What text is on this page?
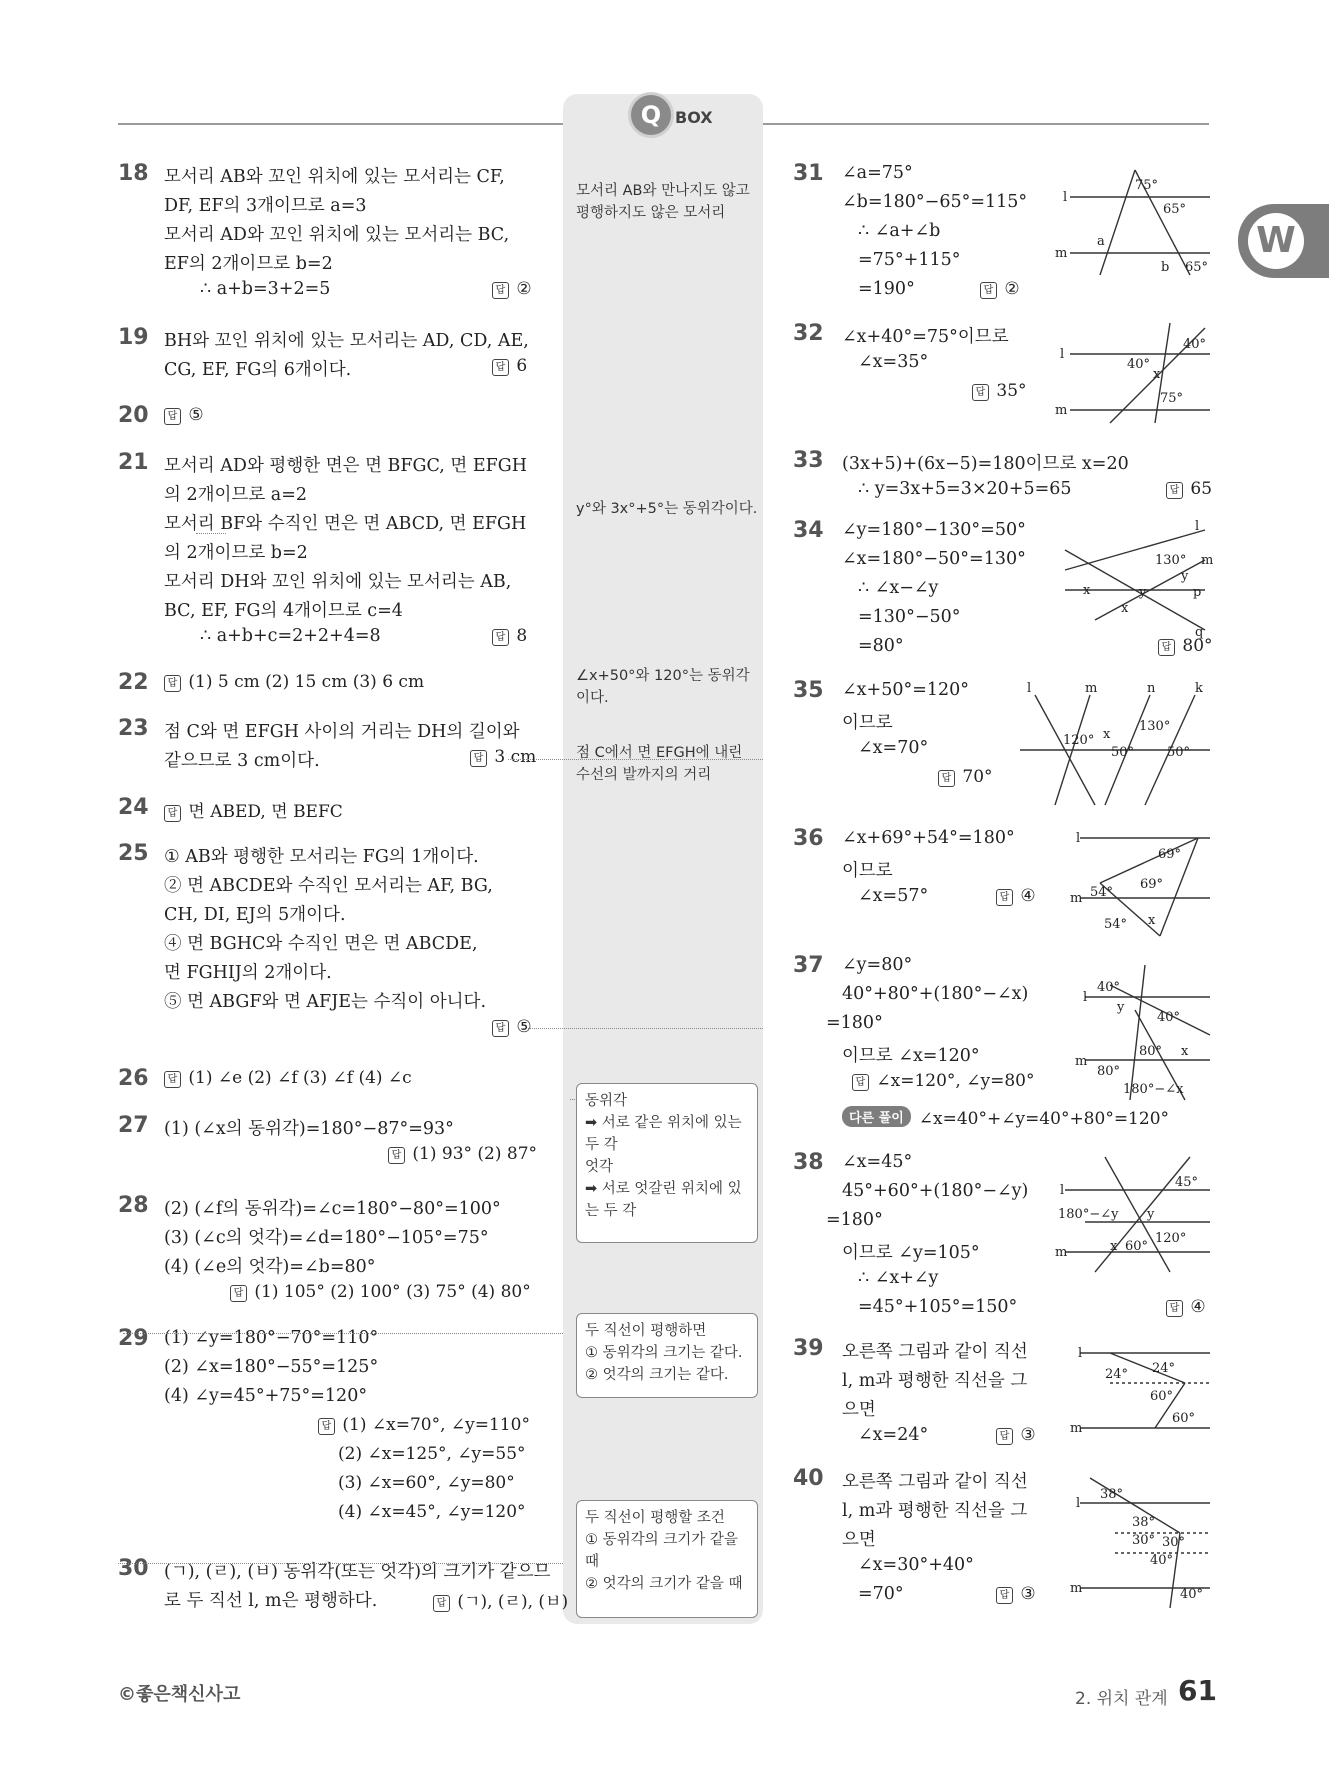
Q BOX
W
18 모서리 AB와 꼬인 위치에 있는 모서리는 CF,
DF, EF의 3개이므로 a=3
모서리 AD와 꼬인 위치에 있는 모서리는 BC,
EF의 2개이므로 b=2
∴ a+b=3+2=5	답 ②
19 BH와 꼬인 위치에 있는 모서리는 AD, CD, AE,
CG, EF, FG의 6개이다.	답 6
20	답 ⑤
21 모서리 AD와 평행한 면은 면 BFGC, 면 EFGH
의 2개이므로 a=2
모서리 BF와 수직인 면은 면 ABCD, 면 EFGH
의 2개이므로 b=2
모서리 DH와 꼬인 위치에 있는 모서리는 AB,
BC, EF, FG의 4개이므로 c=4
∴ a+b+c=2+2+4=8	답 8
22	답 (1) 5 cm (2) 15 cm (3) 6 cm
23 점 C와 면 EFGH 사이의 거리는 DH의 길이와
같으므로 3 cm이다.	답 3 cm
24	답 면 ABED, 면 BEFC
25 ① AB와 평행한 모서리는 FG의 1개이다.
② 면 ABCDE와 수직인 모서리는 AF, BG,
CH, DI, EJ의 5개이다.
④ 면 BGHC와 수직인 면은 면 ABCDE,
면 FGHIJ의 2개이다.
⑤ 면 ABGF와 면 AFJE는 수직이 아니다.
답 ⑤
26	답 (1) ∠e (2) ∠f (3) ∠f (4) ∠c
27 (1) (∠x의 동위각)=180°−87°=93°
답 (1) 93° (2) 87°
28 (2) (∠f의 동위각)=∠c=180°−80°=100°
(3) (∠c의 엇각)=∠d=180°−105°=75°
(4) (∠e의 엇각)=∠b=80°
답 (1) 105° (2) 100° (3) 75° (4) 80°
29 (1) ∠y=180°−70°=110°
(2) ∠x=180°−55°=125°
(4) ∠y=45°+75°=120°
답 (1) ∠x=70°, ∠y=110°
(2) ∠x=125°, ∠y=55°
(3) ∠x=60°, ∠y=80°
(4) ∠x=45°, ∠y=120°
30 (ㄱ), (ㄹ), (ㅂ) 동위각(또는 엇각)의 크기가 같으므
로 두 직선 l, m은 평행하다.	답 (ㄱ), (ㄹ), (ㅂ)
모서리 AB와 만나지도 않고 평행하지도 않은 모서리
y°와 3x°+5°는 동위각이다.
∠x+50°와 120°는 동위각이다.
점 C에서 면 EFGH에 내린 수선의 발까지의 거리
동위각
➡ 서로 같은 위치에 있는
두 각
엇각
➡ 서로 엇갈린 위치에 있
는 두 각
두 직선이 평행하면
① 동위각의 크기는 같다.
② 엇각의 크기는 같다.
두 직선이 평행할 조건
① 동위각의 크기가 같을
때
② 엇각의 크기가 같을 때
31 ∠a=75°
∠b=180°−65°=115°
∴ ∠a+∠b
=75°+115°
=190°	답 ②
32 ∠x+40°=75°이므로
∠x=35°
답 35°
33 (3x+5)+(6x−5)=180이므로 x=20
∴ y=3x+5=3×20+5=65	답 65
34 ∠y=180°−130°=50°
∠x=180°−50°=130°
∴ ∠x−∠y
=130°−50°
=80°	답 80°
35 ∠x+50°=120°
이므로
∠x=70°
답 70°
36 ∠x+69°+54°=180°
이므로
∠x=57°	답 ④
37 ∠y=80°
40°+80°+(180°−∠x)
=180°
이므로 ∠x=120°
답 ∠x=120°, ∠y=80°
다른 풀이 ∠x=40°+∠y=40°+80°=120°
38 ∠x=45°
45°+60°+(180°−∠y)
=180°
이므로 ∠y=105°
∴ ∠x+∠y
=45°+105°=150°	답 ④
39 오른쪽 그림과 같이 직선
l, m과 평행한 직선을 그
으면
∠x=24°	답 ③
40 오른쪽 그림과 같이 직선
l, m과 평행한 직선을 그
으면
∠x=30°+40°
=70°	답 ③
l
m
75°
65°
a
b 65°
l
m
40°
40°
x
75°
l
m
p
q
130°
y
x	y
x
l	m	n	k
120° x
50°
130°
50°
l
m
69°
69°
54°
54° x
l
m
40°
y
40°
80° x
80°
180°−∠x
l
m
45°
180°−∠y y
x 60°
120°
l
m
24°
24°
60°
60°
l
m
38°
38°
30° 30°
40°
40°
©좋은책신사고	2. 위치 관계 61
